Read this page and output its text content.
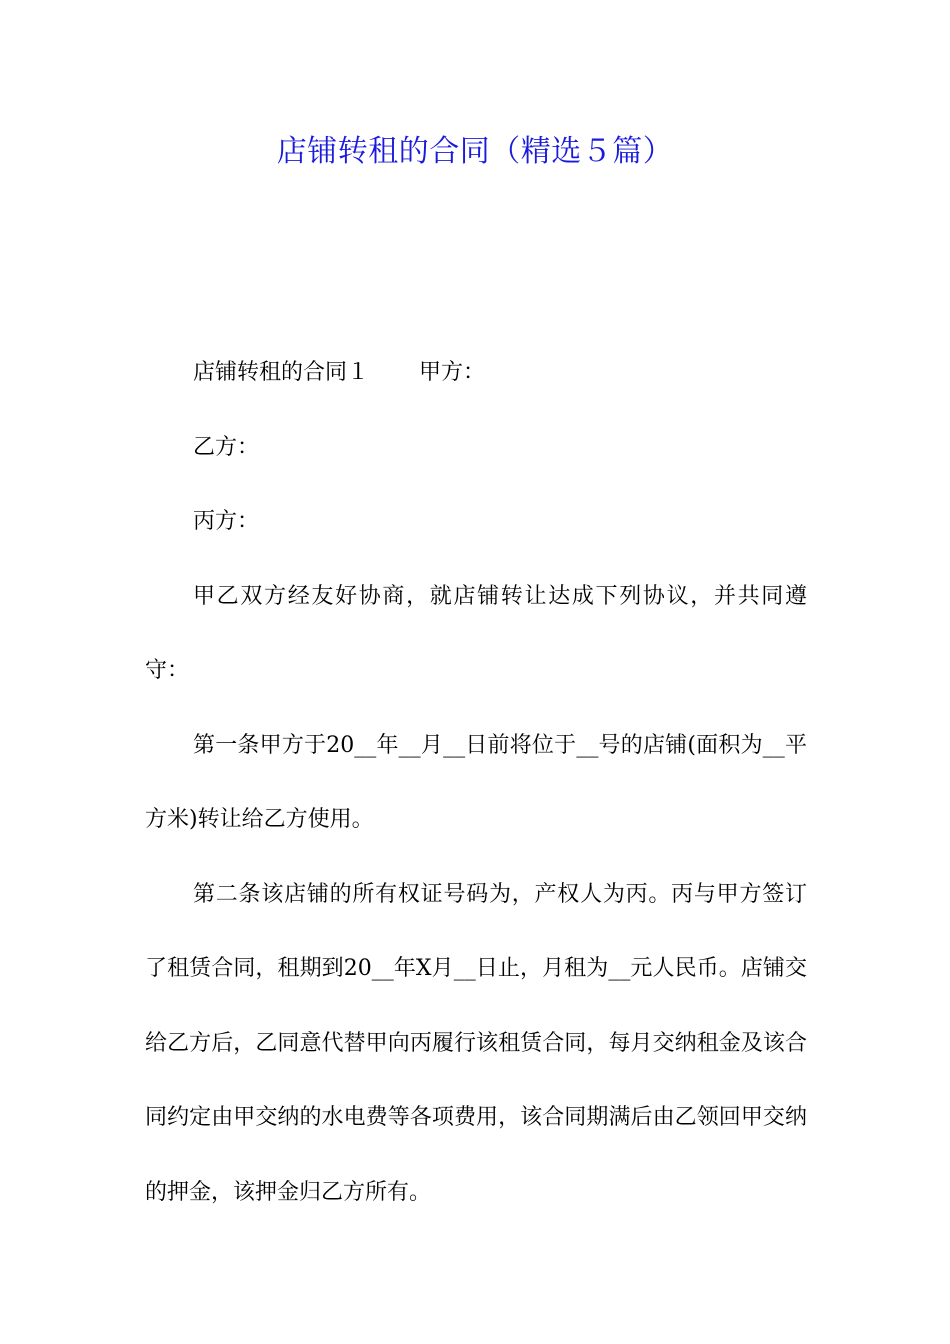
店铺转租的合同（精选５篇）

店铺转租的合同１ 甲方：

乙方：

丙方：

甲乙双方经友好协商，就店铺转让达成下列协议，并共同遵守：

第一条甲方于20__年__月__日前将位于__号的店铺(面积为__平方米)转让给乙方使用。

第二条该店铺的所有权证号码为，产权人为丙。丙与甲方签订了租赁合同，租期到20__年X月__日止，月租为__元人民币。店铺交给乙方后，乙同意代替甲向丙履行该租赁合同，每月交纳租金及该合同约定由甲交纳的水电费等各项费用，该合同期满后由乙领回甲交纳的押金，该押金归乙方所有。
